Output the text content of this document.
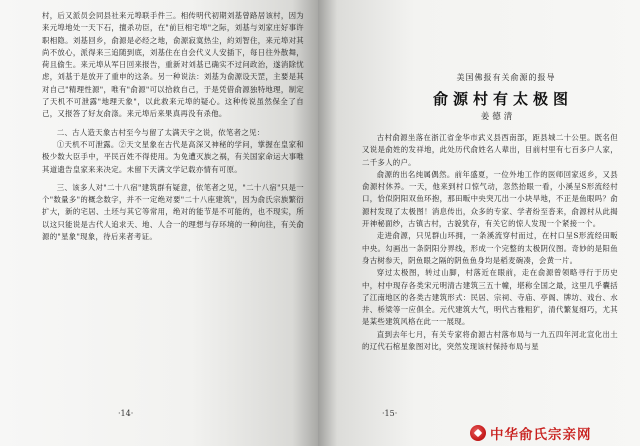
村，后又派员会同县社来元埠联手件三。相传明代初期刘基曾路居该村，因为来元埠地处一天下石，擅杀功臣，在"前巨相宅埠"之际，刘基与刘家庄好事许职相隐。刘基回乡，俞源是必经之地，俞源寂寞热尘，約刘智住，来元埠对其尚不放心，派得来三追随到底，刘基住在自会代义人安插下，每日往外散舞，荷且偷生。来元埠从军日回来报告，重新对刘基已确实不过问政治，遂消除忧虑，刘基于是放开了重申的这条。另一种说法：刘基为俞源设天罡，主要是其对自己"精理性源"，唯有"俞源"可以拾救自己，于是凭借俞源独特地理，制定了天机不可泄露"地理天象"，以此救来元埠的疑心。这种传说虽然保全了自己，又报答了好友俞涤。来元埠后来果真再没有杀他。

二、古人造天象古村至今与留了太满天宇之说，依笔者之见：

①天机不可泄露。②天文星象在古代是高深又神秘的学问，掌握在皇家和极少数大臣手中，平民百姓不得使用。为免遭灭族之祸，有关国家命运大事唯其道遗告皇家来来决定。未留下天满文学记载亦情有可原。

三、该多人对"二十八宿"建筑群有疑意，依笔者之见，"二十八宿"只是一个"数量多"的概念数字，并不一定绝对要"二十八座建筑"，因为俞氏宗族繁衍扩大，新的宅居、土坯与其它等常用，绝对的能节是不可能的，也不现实，所以这只能说是古代人追求天、地、人合一的理想与存环境的一种向往，有关俞源的"星象"现象，待后来者考证。

·14·
美国佛报有关俞源的报导
俞源村有太极图
姜德清

古村俞源坐落在浙江省金华市武义县西南部，距县城二十公里。既名但又说是俞姓的发祥地，此处历代俞姓名人辈出，目前村里有七百多户人家，二千多人的户。

俞源的出名纯属偶然。前年盛夏，一位外地工作的医师回家返乡，又县俞源村休养。一天，他来到村口惊气动，忽然抬眼一看，小溪呈S形流经村口，恰似阴阳双鱼环抱，那田畈中央突兀出一小块旱地，不正是鱼眼吗？俞源村发现了太极图！消息传出，众多的专家、学者纷至沓来，俞源村从此揭开神秘面纱，古镇古村，古貌犹存，有关它的惊人发现一个紧接一个。

走进俞源，只见群山环拥，一条溪流穿村而过，在村口呈S形流经田畈中央。勾画出一条阴阳分界线，形成一个完整的太极阴仪图。奇妙的是阳鱼身古树参天，阴鱼眼之隔的阴鱼鱼身均是稻麦碗凑，会黄一片。

穿过太极图，转过山脚，村落近在眼前，走在俞源曾领略寻行于历史中，村中现存各类宋元明清古建筑三五十幢，堪称全国之最，这里几乎囊括了江南地区的各类古建筑形式：民居、宗祠、寺庙、亭阁、牌坊、戏台、水井、桥梁等一应俱全。元代建筑大气，明代古雅粗犷，清代繁复细巧，尤其是某些建筑风格在此一一展现。

直到去年七月，有关专家将俞源古村落布局与一九五四年河北宣化出土的辽代石棺星象图对比，突然发现该村保持布局与星

·15·
中华俞氏宗亲网
